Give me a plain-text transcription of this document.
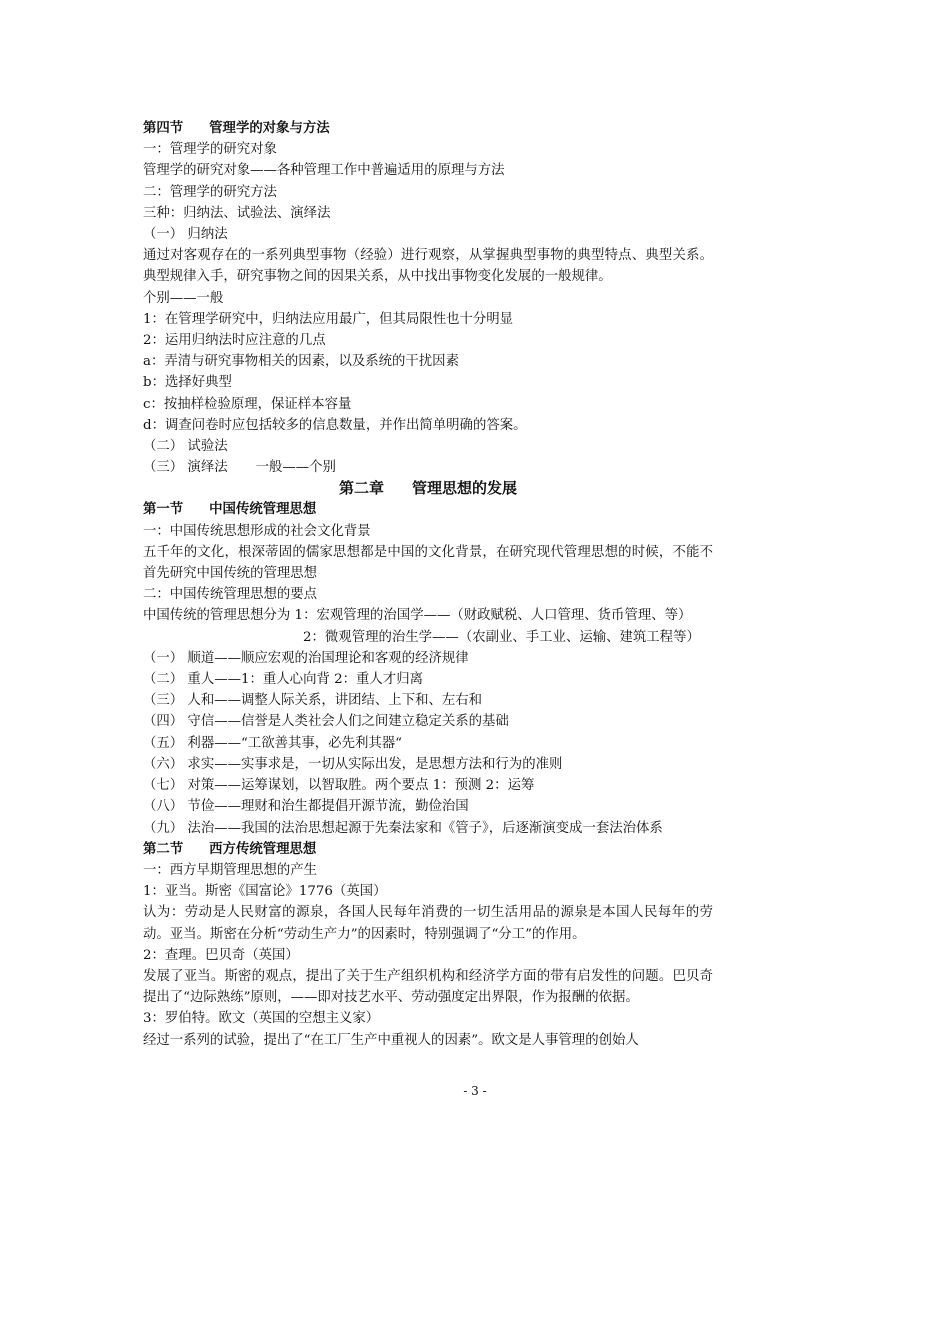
第四节 管理学的对象与方法
一：管理学的研究对象
管理学的研究对象——各种管理工作中普遍适用的原理与方法
二：管理学的研究方法
三种：归纳法、试验法、演绎法
（一） 归纳法
通过对客观存在的一系列典型事物（经验）进行观察，从掌握典型事物的典型特点、典型关系。典型规律入手，研究事物之间的因果关系，从中找出事物变化发展的一般规律。
个别——一般
1：在管理学研究中，归纳法应用最广，但其局限性也十分明显
2：运用归纳法时应注意的几点
a：弄清与研究事物相关的因素，以及系统的干扰因素
b：选择好典型
c：按抽样检验原理，保证样本容量
d：调查问卷时应包括较多的信息数量，并作出简单明确的答案。
（二） 试验法
（三） 演绎法 一般——个别
第二章 管理思想的发展
第一节 中国传统管理思想
一：中国传统思想形成的社会文化背景
五千年的文化，根深蒂固的儒家思想都是中国的文化背景，在研究现代管理思想的时候，不能不首先研究中国传统的管理思想
二：中国传统管理思想的要点
中国传统的管理思想分为 1：宏观管理的治国学——（财政赋税、人口管理、货币管理、等）
2：微观管理的治生学——（农副业、手工业、运输、建筑工程等）
（一） 顺道——顺应宏观的治国理论和客观的经济规律
（二） 重人——1：重人心向背 2：重人才归离
（三） 人和——调整人际关系，讲团结、上下和、左右和
（四） 守信——信誉是人类社会人们之间建立稳定关系的基础
（五） 利器——“工欲善其事，必先利其器“
（六） 求实——实事求是，一切从实际出发，是思想方法和行为的准则
（七） 对策——运筹谋划，以智取胜。两个要点 1：预测 2：运筹
（八） 节俭——理财和治生都提倡开源节流，勤俭治国
（九） 法治——我国的法治思想起源于先秦法家和《管子》，后逐渐演变成一套法治体系
第二节 西方传统管理思想
一：西方早期管理思想的产生
1：亚当。斯密《国富论》1776（英国）
认为：劳动是人民财富的源泉，各国人民每年消费的一切生活用品的源泉是本国人民每年的劳动。亚当。斯密在分析“劳动生产力”的因素时，特别强调了“分工”的作用。
2：查理。巴贝奇（英国）
发展了亚当。斯密的观点，提出了关于生产组织机构和经济学方面的带有启发性的问题。巴贝奇提出了“边际熟练”原则，——即对技艺水平、劳动强度定出界限，作为报酬的依据。
3：罗伯特。欧文（英国的空想主义家）
经过一系列的试验，提出了“在工厂生产中重视人的因素”。欧文是人事管理的创始人
- 3 -
